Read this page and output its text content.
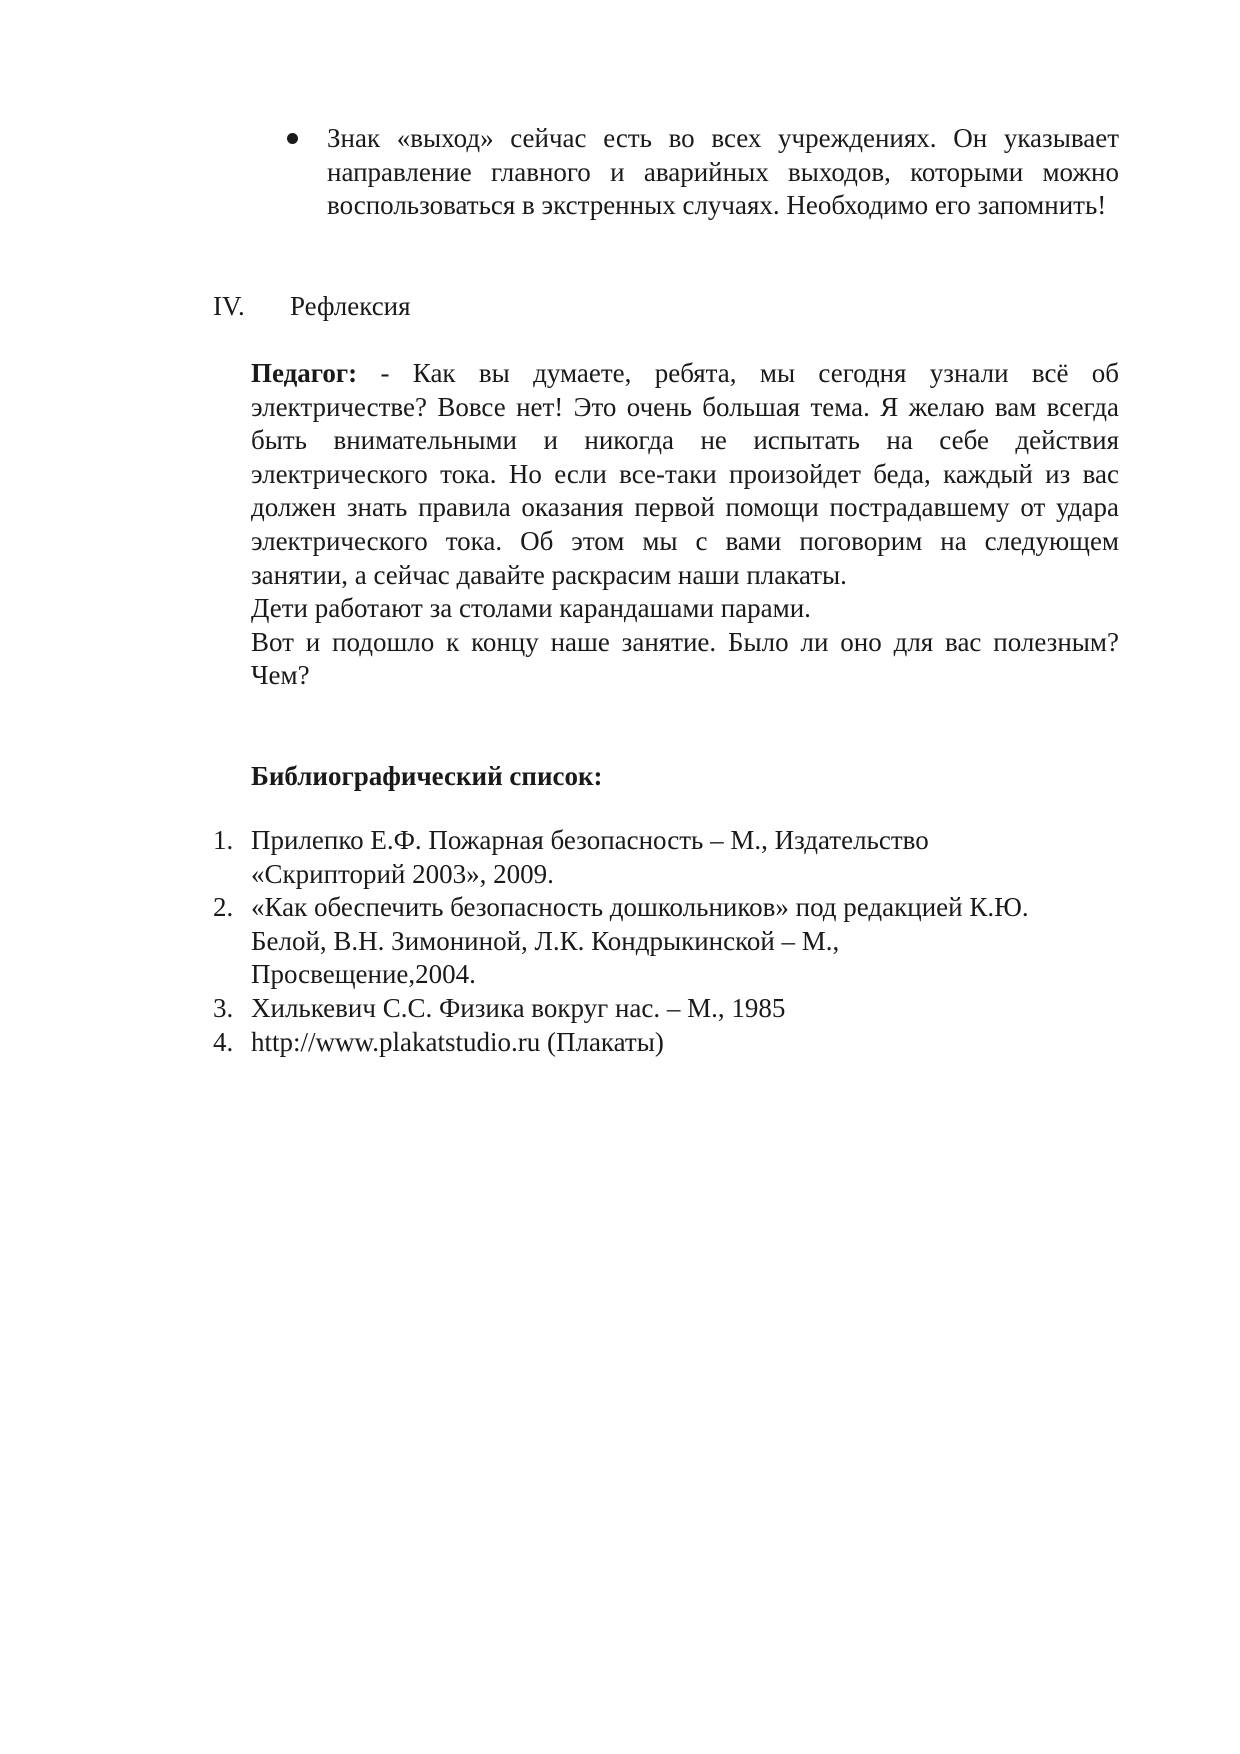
Знак «выход» сейчас есть во всех учреждениях. Он указывает направление главного и аварийных выходов, которыми можно воспользоваться в экстренных случаях. Необходимо его запомнить!

IV. Рефлексия

Педагог: - Как вы думаете, ребята, мы сегодня узнали всё об электричестве? Вовсе нет! Это очень большая тема. Я желаю вам всегда быть внимательными и никогда не испытать на себе действия электрического тока. Но если все-таки произойдет беда, каждый из вас должен знать правила оказания первой помощи пострадавшему от удара электрического тока. Об этом мы с вами поговорим на следующем занятии, а сейчас давайте раскрасим наши плакаты.

Дети работают за столами карандашами парами.

Вот и подошло к концу наше занятие. Было ли оно для вас полезным? Чем?

Библиографический список:

1. Прилепко Е.Ф. Пожарная безопасность – М., Издательство
«Скрипторий 2003», 2009.
2. «Как обеспечить безопасность дошкольников» под редакцией К.Ю.
Белой, В.Н. Зимониной, Л.К. Кондрыкинской – М.,
Просвещение,2004.
3. Хилькевич С.С. Физика вокруг нас. – М., 1985
4. http://www.plakatstudio.ru (Плакаты)
